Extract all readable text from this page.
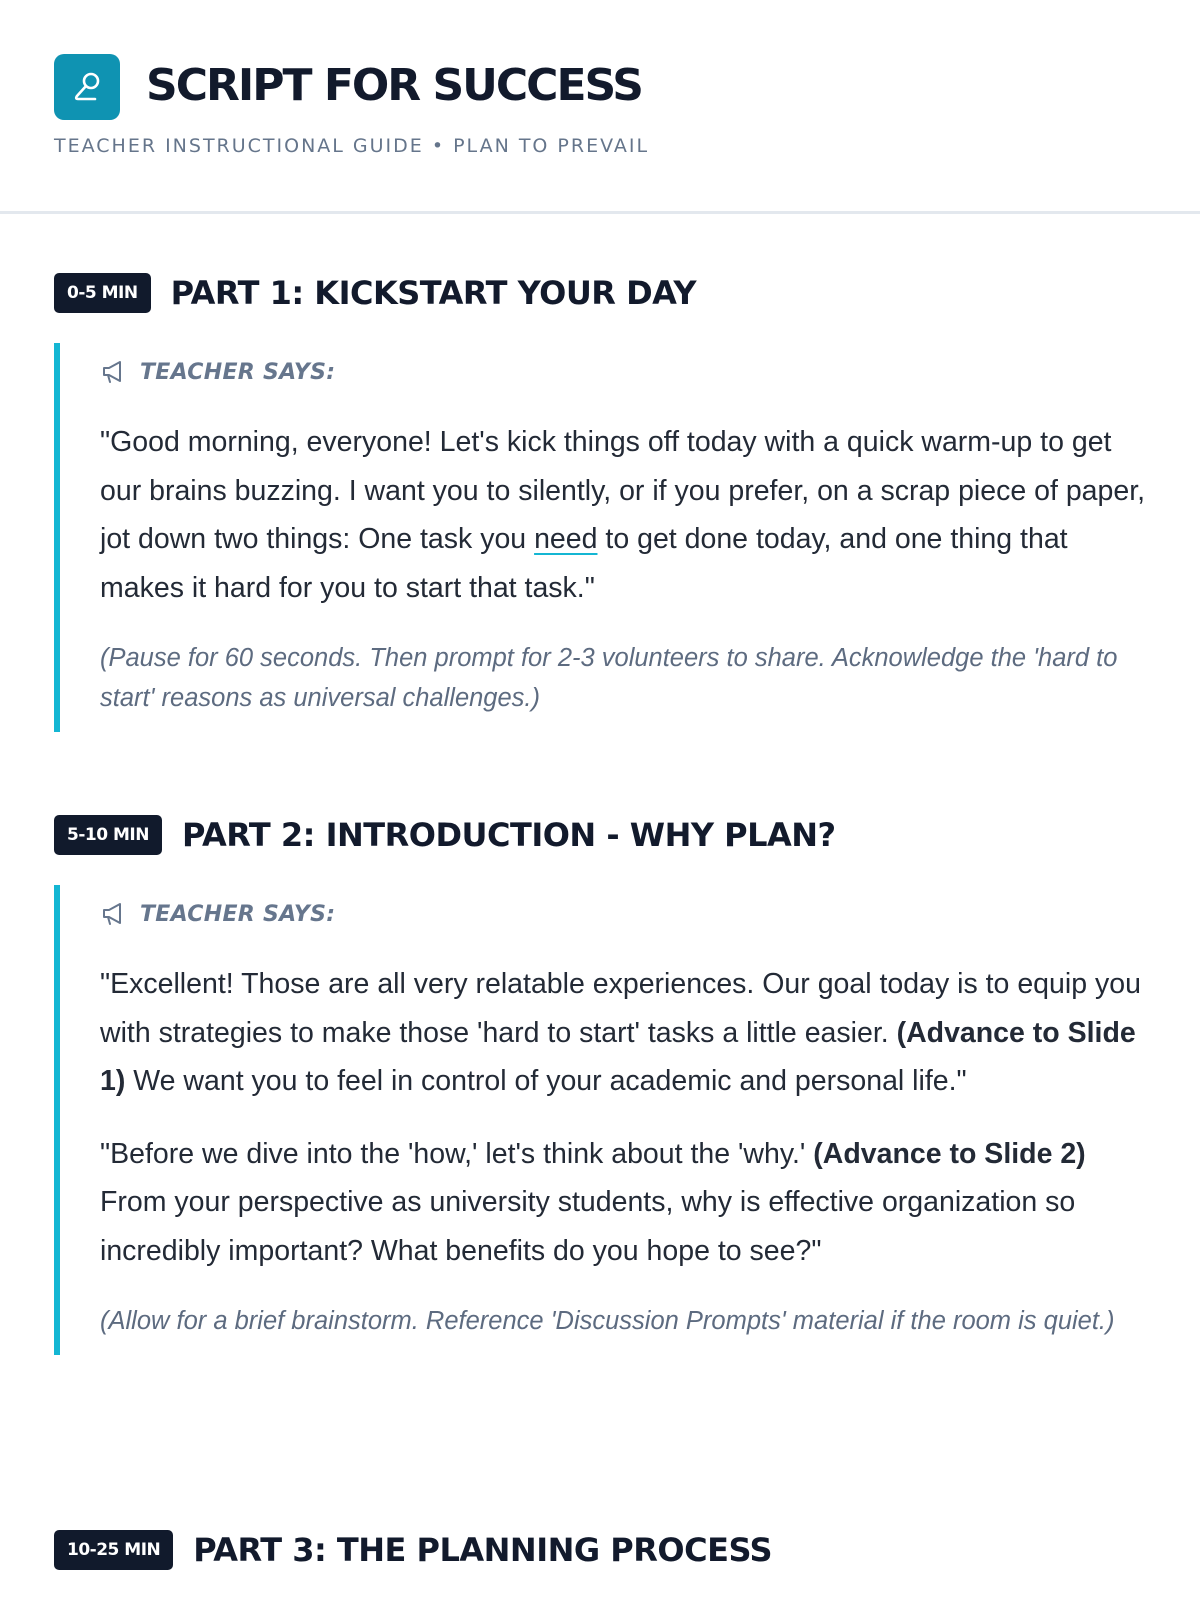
SCRIPT FOR SUCCESS
TEACHER INSTRUCTIONAL GUIDE • PLAN TO PREVAIL
0-5 MIN	PART 1: KICKSTART YOUR DAY
TEACHER SAYS:
"Good morning, everyone! Let's kick things off today with a quick warm-up to get our brains buzzing. I want you to silently, or if you prefer, on a scrap piece of paper, jot down two things: One task you need to get done today, and one thing that makes it hard for you to start that task."
(Pause for 60 seconds. Then prompt for 2-3 volunteers to share. Acknowledge the 'hard to start' reasons as universal challenges.)
5-10 MIN	PART 2: INTRODUCTION - WHY PLAN?
TEACHER SAYS:
"Excellent! Those are all very relatable experiences. Our goal today is to equip you with strategies to make those 'hard to start' tasks a little easier. (Advance to Slide 1) We want you to feel in control of your academic and personal life."
"Before we dive into the 'how,' let's think about the 'why.' (Advance to Slide 2) From your perspective as university students, why is effective organization so incredibly important? What benefits do you hope to see?"
(Allow for a brief brainstorm. Reference 'Discussion Prompts' material if the room is quiet.)
10-25 MIN	PART 3: THE PLANNING PROCESS
